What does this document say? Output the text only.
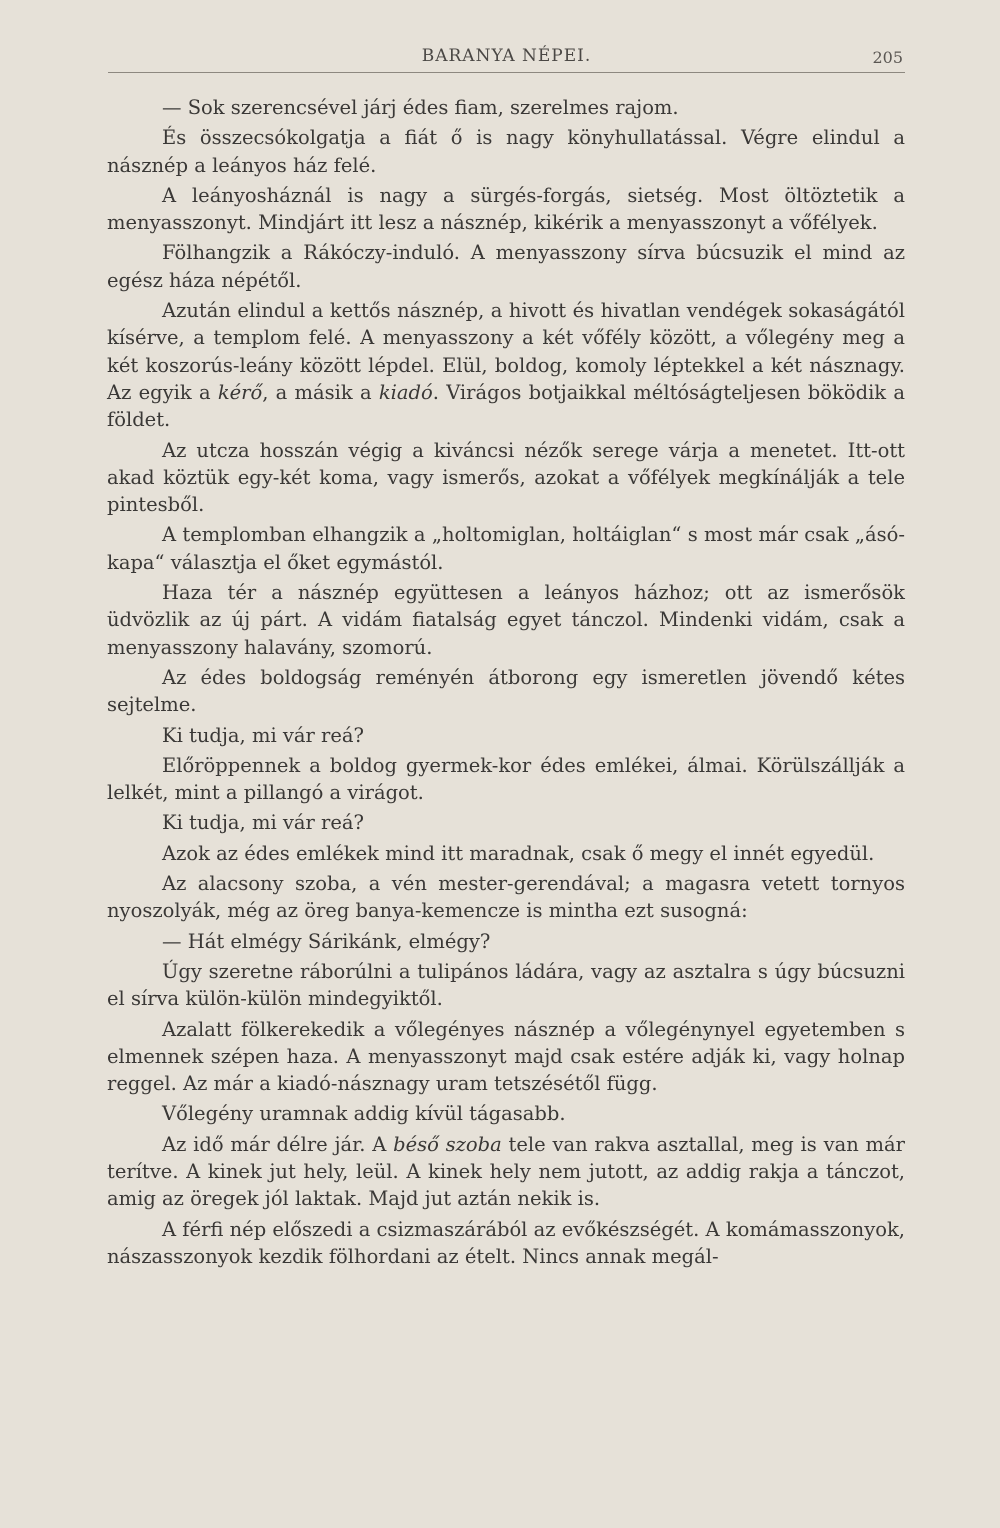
BARANYA NÉPEI.	205

— Sok szerencsével járj édes fiam, szerelmes rajom.

És összecsókolgatja a fiát ő is nagy könyhullatással. Végre elindul a násznép a leányos ház felé.

A leányosháznál is nagy a sürgés-forgás, sietség. Most öltöztetik a menyasszonyt. Mindjárt itt lesz a násznép, kikérik a menyasszonyt a vőfélyek.

Fölhangzik a Rákóczy-induló. A menyasszony sírva búcsuzik el mind az egész háza népétől.

Azután elindul a kettős násznép, a hivott és hivatlan vendégek sokaságától kísérve, a templom felé. A menyasszony a két vőfély között, a vőlegény meg a két koszorús-leány között lépdel. Elül, boldog, komoly léptekkel a két násznagy. Az egyik a kérő, a másik a kiadó. Virágos botjaikkal méltóságteljesen böködik a földet.

Az utcza hosszán végig a kiváncsi nézők serege várja a menetet. Itt-ott akad köztük egy-két koma, vagy ismerős, azokat a vőfélyek megkínálják a tele pintesből.

A templomban elhangzik a „holtomiglan, holtáiglan“ s most már csak „ásó-kapa“ választja el őket egymástól.

Haza tér a násznép együttesen a leányos házhoz; ott az ismerősök üdvözlik az új párt. A vidám fiatalság egyet tánczol. Mindenki vidám, csak a menyasszony halavány, szomorú.

Az édes boldogság reményén átborong egy ismeretlen jövendő kétes sejtelme.

Ki tudja, mi vár reá?

Előröppennek a boldog gyermek-kor édes emlékei, álmai. Körülszállják a lelkét, mint a pillangó a virágot.

Ki tudja, mi vár reá?

Azok az édes emlékek mind itt maradnak, csak ő megy el innét egyedül.

Az alacsony szoba, a vén mester-gerendával; a magasra vetett tornyos nyoszolyák, még az öreg banya-kemencze is mintha ezt susogná:

— Hát elmégy Sárikánk, elmégy?

Úgy szeretne ráborúlni a tulipános ládára, vagy az asztalra s úgy búcsuzni el sírva külön-külön mindegyiktől.

Azalatt fölkerekedik a vőlegényes násznép a vőlegénynyel egyetemben s elmennek szépen haza. A menyasszonyt majd csak estére adják ki, vagy holnap reggel. Az már a kiadó-násznagy uram tetszésétől függ.

Vőlegény uramnak addig kívül tágasabb.

Az idő már délre jár. A béső szoba tele van rakva asztallal, meg is van már terítve. A kinek jut hely, leül. A kinek hely nem jutott, az addig rakja a tánczot, amig az öregek jól laktak. Majd jut aztán nekik is.

A férfi nép előszedi a csizmaszárából az evőkészségét. A komámasszonyok, nászasszonyok kezdik fölhordani az ételt. Nincs annak megál-
